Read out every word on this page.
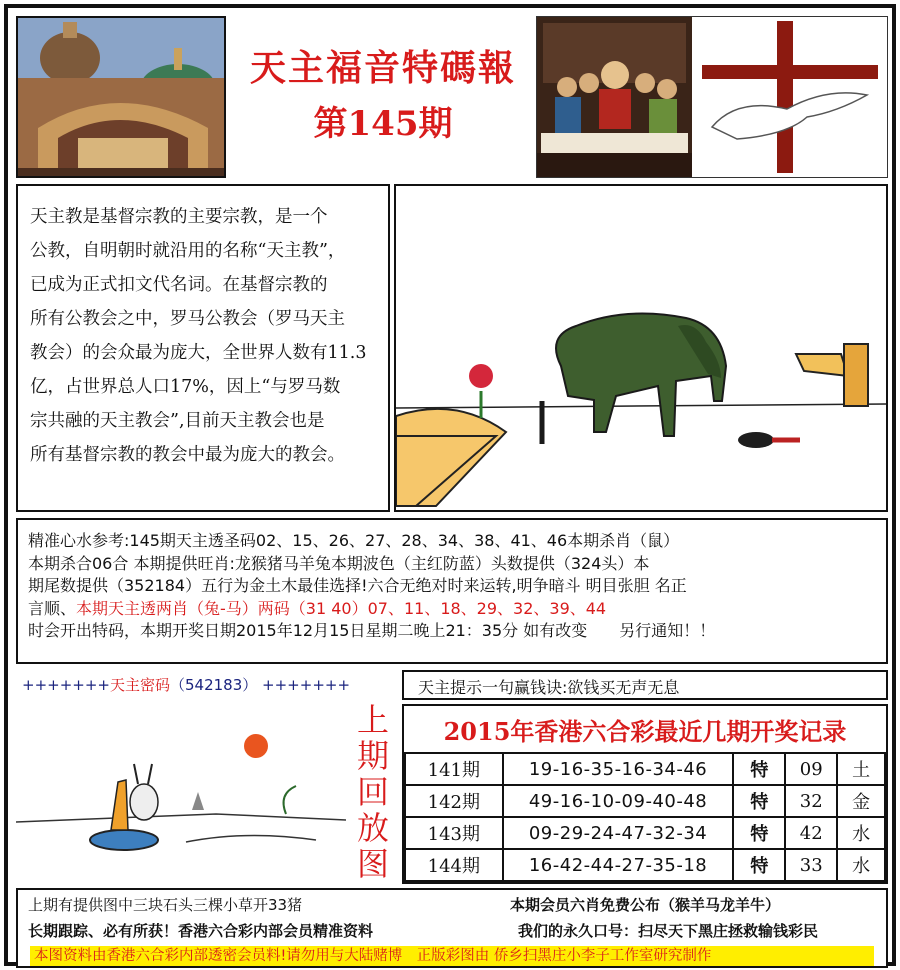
天主福音特碼報
第145期
天主教是基督宗教的主要宗教，是一个
公教，自明朝时就沿用的名称“天主教”，
已成为正式扣文代名词。在基督宗教的
所有公教会之中，罗马公教会（罗马天主
教会）的会众最为庞大，全世界人数有11.3
亿，占世界总人口17%，因上“与罗马数
宗共融的天主教会”,目前天主教会也是
所有基督宗教的教会中最为庞大的教会。
精准心水参考:145期天主透圣码02、15、26、27、28、34、38、41、46本期杀肖（鼠）
本期杀合06合 本期提供旺肖:龙猴猪马羊兔本期波色（主红防蓝）头数提供（324头）本
期尾数提供（352184）五行为金土木最佳选择!六合无绝对时来运转,明争暗斗 明目张胆 名正
言顺、本期天主透两肖（兔-马）两码（31 40）07、11、18、29、32、39、44
时会开出特码，本期开奖日期2015年12月15日星期二晚上21：35分 如有改变　　另行通知！！
+++++++天主密码（542183） +++++++
上
期
回
放
图
天主提示一句赢钱诀:欲钱买无声无息
2015年香港六合彩最近几期开奖记录
141期	19-16-35-16-34-46	特	09	土
142期	49-16-10-09-40-48	特	32	金
143期	09-29-24-47-32-34	特	42	水
144期	16-42-44-27-35-18	特	33	水
上期有提供图中三块石头三棵小草开33猪	本期会员六肖免费公布（猴羊马龙羊牛）
长期跟踪、必有所获！香港六合彩内部会员精准资料	我们的永久口号：扫尽天下黑庄拯救输钱彩民
本图资料由香港六合彩内部透密会员料!请勿用与大陆赌博　正版彩图由 侨乡扫黑庄小李子工作室研究制作
